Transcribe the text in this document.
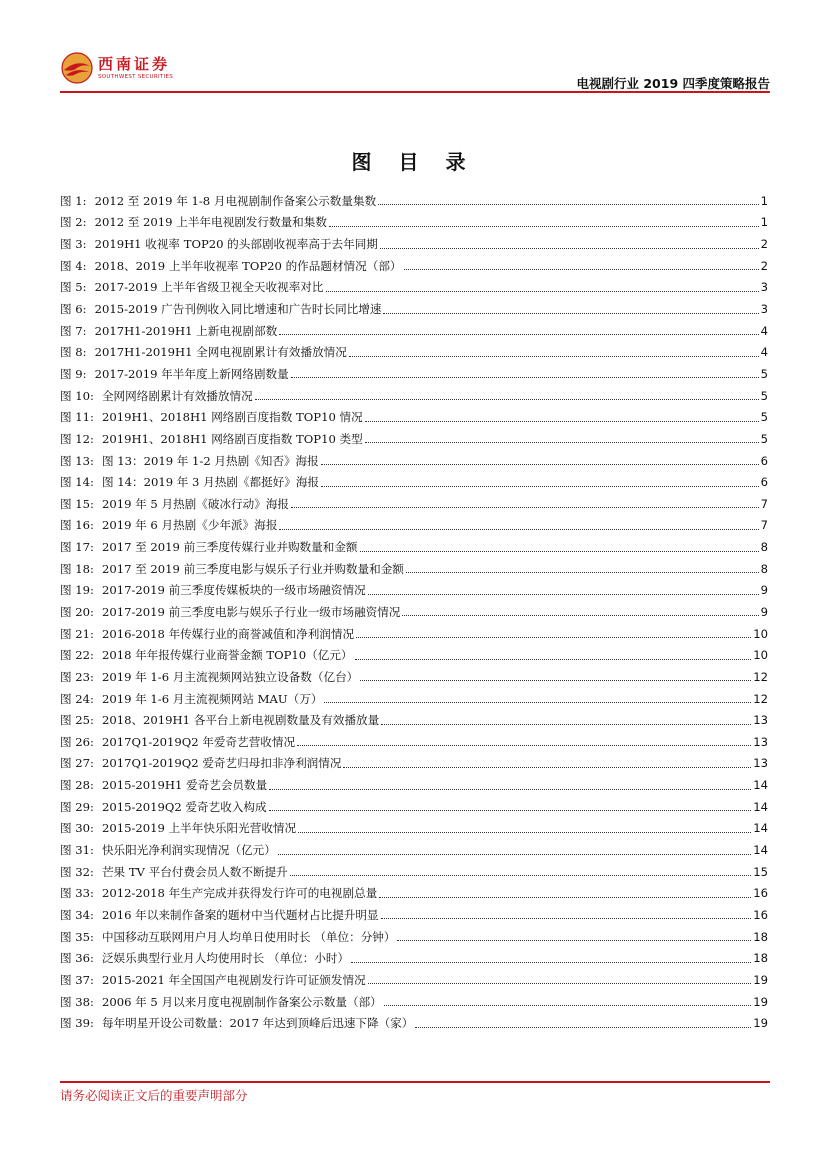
西南证券
SOUTHWEST SECURITIES	电视剧行业 2019 四季度策略报告
图 目 录
图 1: 2012 至 2019 年 1-8 月电视剧制作备案公示数量集数	1
图 2: 2012 至 2019 上半年电视剧发行数量和集数	1
图 3: 2019H1 收视率 TOP20 的头部剧收视率高于去年同期	2
图 4: 2018、2019 上半年收视率 TOP20 的作品题材情况（部）	2
图 5: 2017-2019 上半年省级卫视全天收视率对比	3
图 6: 2015-2019 广告刊例收入同比增速和广告时长同比增速	3
图 7: 2017H1-2019H1 上新电视剧部数	4
图 8: 2017H1-2019H1 全网电视剧累计有效播放情况	4
图 9: 2017-2019 年半年度上新网络剧数量	5
图 10: 全网网络剧累计有效播放情况	5
图 11: 2019H1、2018H1 网络剧百度指数 TOP10 情况	5
图 12: 2019H1、2018H1 网络剧百度指数 TOP10 类型	5
图 13: 图 13：2019 年 1-2 月热剧《知否》海报	6
图 14: 图 14：2019 年 3 月热剧《都挺好》海报	6
图 15: 2019 年 5 月热剧《破冰行动》海报	7
图 16: 2019 年 6 月热剧《少年派》海报	7
图 17: 2017 至 2019 前三季度传媒行业并购数量和金额	8
图 18: 2017 至 2019 前三季度电影与娱乐子行业并购数量和金额	8
图 19: 2017-2019 前三季度传媒板块的一级市场融资情况	9
图 20: 2017-2019 前三季度电影与娱乐子行业一级市场融资情况	9
图 21: 2016-2018 年传媒行业的商誉减值和净利润情况	10
图 22: 2018 年年报传媒行业商誉金额 TOP10（亿元）	10
图 23: 2019 年 1-6 月主流视频网站独立设备数（亿台）	12
图 24: 2019 年 1-6 月主流视频网站 MAU（万）	12
图 25: 2018、2019H1 各平台上新电视剧数量及有效播放量	13
图 26: 2017Q1-2019Q2 年爱奇艺营收情况	13
图 27: 2017Q1-2019Q2 爱奇艺归母扣非净利润情况	13
图 28: 2015-2019H1 爱奇艺会员数量	14
图 29: 2015-2019Q2 爱奇艺收入构成	14
图 30: 2015-2019 上半年快乐阳光营收情况	14
图 31: 快乐阳光净利润实现情况（亿元）	14
图 32: 芒果 TV 平台付费会员人数不断提升	15
图 33: 2012-2018 年生产完成并获得发行许可的电视剧总量	16
图 34: 2016 年以来制作备案的题材中当代题材占比提升明显	16
图 35: 中国移动互联网用户月人均单日使用时长 （单位：分钟）	18
图 36: 泛娱乐典型行业月人均使用时长 （单位：小时）	18
图 37: 2015-2021 年全国国产电视剧发行许可证颁发情况	19
图 38: 2006 年 5 月以来月度电视剧制作备案公示数量（部）	19
图 39: 每年明星开设公司数量：2017 年达到顶峰后迅速下降（家）	19
请务必阅读正文后的重要声明部分
